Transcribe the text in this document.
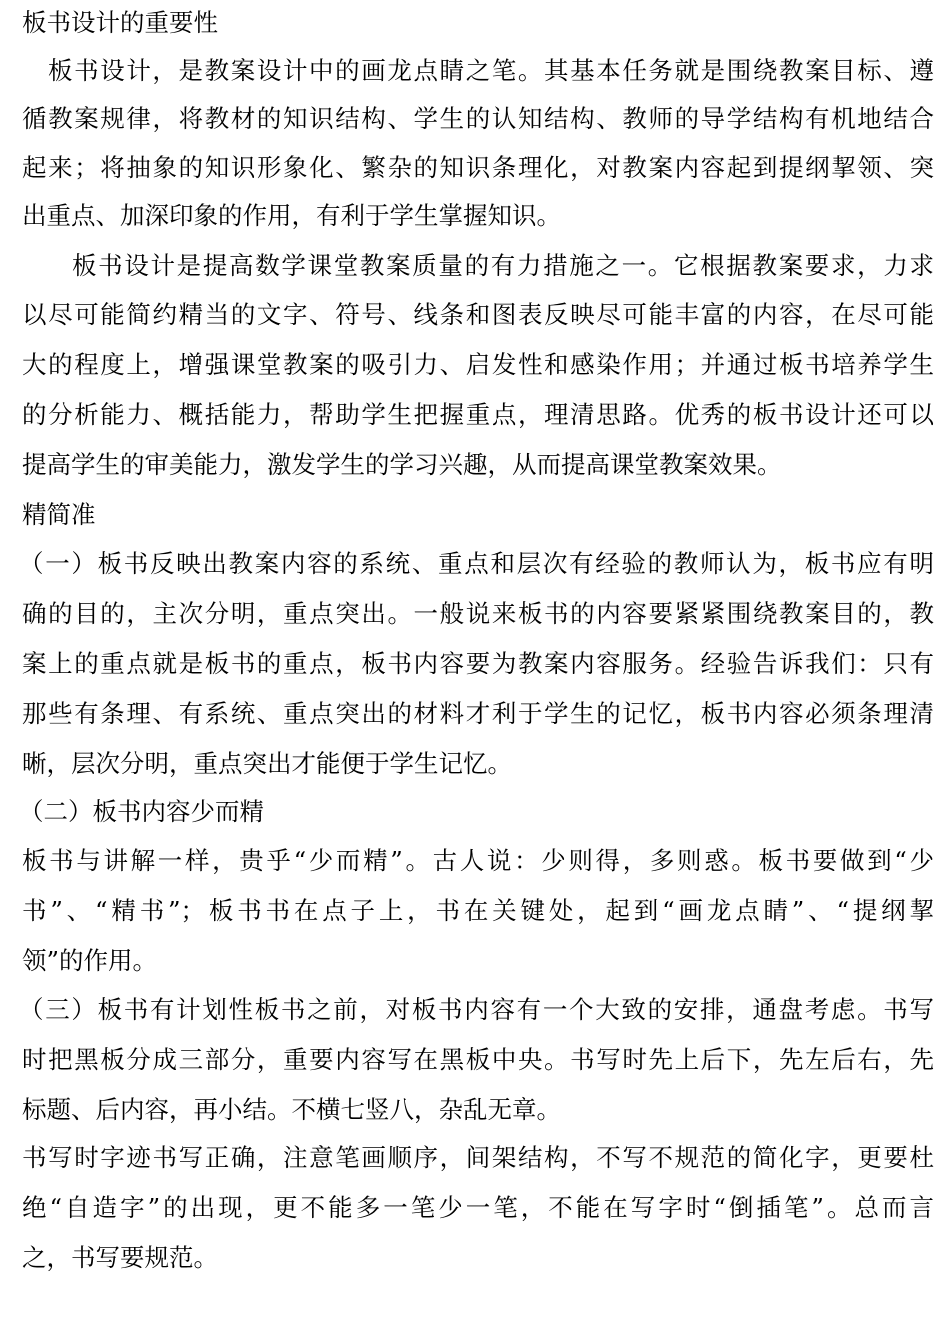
板书设计的重要性
板书设计，是教案设计中的画龙点睛之笔。其基本任务就是围绕教案目标、遵
循教案规律，将教材的知识结构、学生的认知结构、教师的导学结构有机地结合
起来；将抽象的知识形象化、繁杂的知识条理化，对教案内容起到提纲挈领、突
出重点、加深印象的作用，有利于学生掌握知识。
板书设计是提高数学课堂教案质量的有力措施之一。它根据教案要求，力求
以尽可能简约精当的文字、符号、线条和图表反映尽可能丰富的内容，在尽可能
大的程度上，增强课堂教案的吸引力、启发性和感染作用；并通过板书培养学生
的分析能力、概括能力，帮助学生把握重点，理清思路。优秀的板书设计还可以
提高学生的审美能力，激发学生的学习兴趣，从而提高课堂教案效果。
精简准
（一）板书反映出教案内容的系统、重点和层次有经验的教师认为，板书应有明
确的目的，主次分明，重点突出。一般说来板书的内容要紧紧围绕教案目的，教
案上的重点就是板书的重点，板书内容要为教案内容服务。经验告诉我们：只有
那些有条理、有系统、重点突出的材料才利于学生的记忆，板书内容必须条理清
晰，层次分明，重点突出才能便于学生记忆。
（二）板书内容少而精
板书与讲解一样，贵乎“少而精”。古人说：少则得，多则惑。板书要做到“少
书”、“精书”；板书书在点子上，书在关键处，起到“画龙点睛”、“提纲挈
领”的作用。
（三）板书有计划性板书之前，对板书内容有一个大致的安排，通盘考虑。书写
时把黑板分成三部分，重要内容写在黑板中央。书写时先上后下，先左后右，先
标题、后内容，再小结。不横七竖八，杂乱无章。
书写时字迹书写正确，注意笔画顺序，间架结构，不写不规范的简化字，更要杜
绝“自造字”的出现，更不能多一笔少一笔，不能在写字时“倒插笔”。总而言
之，书写要规范。
